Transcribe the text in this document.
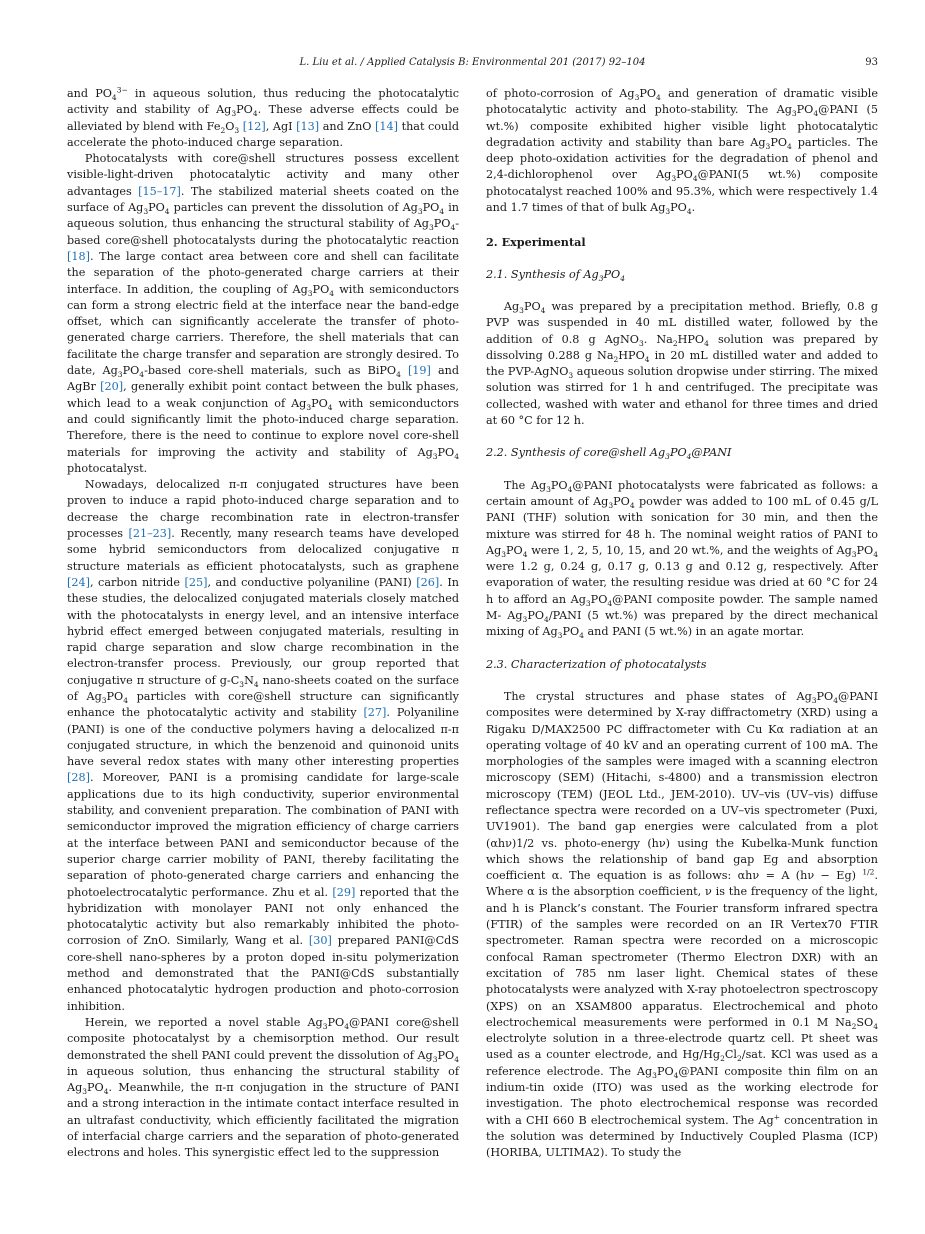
L. Liu et al. / Applied Catalysis B: Environmental 201 (2017) 92–104	93

and $PO_4^{3-}$ in aqueous solution, thus reducing the photocatalytic activity and stability of $Ag_3PO_4$. These adverse effects could be alleviated by blend with $Fe_2O_3$ [12], AgI [13] and ZnO [14] that could accelerate the photo-induced charge separation.

Photocatalysts with core@shell structures possess excellent visible-light-driven photocatalytic activity and many other advantages [15–17]. The stabilized material sheets coated on the surface of $Ag_3PO_4$ particles can prevent the dissolution of $Ag_3PO_4$ in aqueous solution, thus enhancing the structural stability of $Ag_3PO_4$-based core@shell photocatalysts during the photocatalytic reaction [18]. The large contact area between core and shell can facilitate the separation of the photo-generated charge carriers at their interface. In addition, the coupling of $Ag_3PO_4$ with semiconductors can form a strong electric field at the interface near the band-edge offset, which can significantly accelerate the transfer of photo-generated charge carriers. Therefore, the shell materials that can facilitate the charge transfer and separation are strongly desired. To date, $Ag_3PO_4$-based core-shell materials, such as BiPO$_4$ [19] and AgBr [20], generally exhibit point contact between the bulk phases, which lead to a weak conjunction of $Ag_3PO_4$ with semiconductors and could significantly limit the photo-induced charge separation. Therefore, there is the need to continue to explore novel core-shell materials for improving the activity and stability of $Ag_3PO_4$ photocatalyst.

Nowadays, delocalized π-π conjugated structures have been proven to induce a rapid photo-induced charge separation and to decrease the charge recombination rate in electron-transfer processes [21–23]. Recently, many research teams have developed some hybrid semiconductors from delocalized conjugative π structure materials as efficient photocatalysts, such as graphene [24], carbon nitride [25], and conductive polyaniline (PANI) [26]. In these studies, the delocalized conjugated materials closely matched with the photocatalysts in energy level, and an intensive interface hybrid effect emerged between conjugated materials, resulting in rapid charge separation and slow charge recombination in the electron-transfer process. Previously, our group reported that conjugative π structure of $g-C_3N_4$ nano-sheets coated on the surface of $Ag_3PO_4$ particles with core@shell structure can significantly enhance the photocatalytic activity and stability [27]. Polyaniline (PANI) is one of the conductive polymers having a delocalized π-π conjugated structure, in which the benzenoid and quinonoid units have several redox states with many other interesting properties [28]. Moreover, PANI is a promising candidate for large-scale applications due to its high conductivity, superior environmental stability, and convenient preparation. The combination of PANI with semiconductor improved the migration efficiency of charge carriers at the interface between PANI and semiconductor because of the superior charge carrier mobility of PANI, thereby facilitating the separation of photo-generated charge carriers and enhancing the photoelectrocatalytic performance. Zhu et al. [29] reported that the hybridization with monolayer PANI not only enhanced the photocatalytic activity but also remarkably inhibited the photo-corrosion of ZnO. Similarly, Wang et al. [30] prepared PANI@CdS core-shell nano-spheres by a proton doped in-situ polymerization method and demonstrated that the PANI@CdS substantially enhanced photocatalytic hydrogen production and photo-corrosion inhibition.

Herein, we reported a novel stable $Ag_3PO_4@PANI$ core@shell composite photocatalyst by a chemisorption method. Our result demonstrated the shell PANI could prevent the dissolution of $Ag_3PO_4$ in aqueous solution, thus enhancing the structural stability of $Ag_3PO_4$. Meanwhile, the π-π conjugation in the structure of PANI and a strong interaction in the intimate contact interface resulted in an ultrafast conductivity, which efficiently facilitated the migration of interfacial charge carriers and the separation of photo-generated electrons and holes. This synergistic effect led to the suppression

of photo-corrosion of $Ag_3PO_4$ and generation of dramatic visible photocatalytic activity and photo-stability. The $Ag_3PO_4@PANI$ (5 wt.%) composite exhibited higher visible light photocatalytic degradation activity and stability than bare $Ag_3PO_4$ particles. The deep photo-oxidation activities for the degradation of phenol and 2,4-dichlorophenol over $Ag_3PO_4@PANI(5$ wt.%) composite photocatalyst reached 100% and 95.3%, which were respectively 1.4 and 1.7 times of that of bulk $Ag_3PO_4$.

2. Experimental
2.1. Synthesis of $Ag_3PO_4$

$Ag_3PO_4$ was prepared by a precipitation method. Briefly, 0.8 g PVP was suspended in 40 mL distilled water, followed by the addition of 0.8 g AgNO$_3$. $Na_2HPO_4$ solution was prepared by dissolving 0.288 g $Na_2HPO_4$ in 20 mL distilled water and added to the PVP-AgNO$_3$ aqueous solution dropwise under stirring. The mixed solution was stirred for 1 h and centrifuged. The precipitate was collected, washed with water and ethanol for three times and dried at 60 °C for 12 h.

2.2. Synthesis of core@shell $Ag_3PO_4@PANI$

The $Ag_3PO_4@PANI$ photocatalysts were fabricated as follows: a certain amount of $Ag_3PO_4$ powder was added to 100 mL of 0.45 g/L PANI (THF) solution with sonication for 30 min, and then the mixture was stirred for 48 h. The nominal weight ratios of PANI to $Ag_3PO_4$ were 1, 2, 5, 10, 15, and 20 wt.%, and the weights of $Ag_3PO_4$ were 1.2 g, 0.24 g, 0.17 g, 0.13 g and 0.12 g, respectively. After evaporation of water, the resulting residue was dried at 60 °C for 24 h to afford an $Ag_3PO_4@PANI$ composite powder. The sample named M- $Ag_3PO_4$/PANI (5 wt.%) was prepared by the direct mechanical mixing of $Ag_3PO_4$ and PANI (5 wt.%) in an agate mortar.

2.3. Characterization of photocatalysts

The crystal structures and phase states of $Ag_3PO_4@PANI$ composites were determined by X-ray diffractometry (XRD) using a Rigaku D/MAX2500 PC diffractometer with Cu Kα radiation at an operating voltage of 40 kV and an operating current of 100 mA. The morphologies of the samples were imaged with a scanning electron microscopy (SEM) (Hitachi, s-4800) and a transmission electron microscopy (TEM) (JEOL Ltd., JEM-2010). UV–vis (UV–vis) diffuse reflectance spectra were recorded on a UV–vis spectrometer (Puxi, UV1901). The band gap energies were calculated from a plot (αhν)1/2 vs. photo-energy (hν) using the Kubelka-Munk function which shows the relationship of band gap Eg and absorption coefficient α. The equation is as follows: αhν = A (hν − Eg) $^{1/2}$. Where α is the absorption coefficient, ν is the frequency of the light, and h is Planck’s constant. The Fourier transform infrared spectra (FTIR) of the samples were recorded on an IR Vertex70 FTIR spectrometer. Raman spectra were recorded on a microscopic confocal Raman spectrometer (Thermo Electron DXR) with an excitation of 785 nm laser light. Chemical states of these photocatalysts were analyzed with X-ray photoelectron spectroscopy (XPS) on an XSAM800 apparatus. Electrochemical and photo electrochemical measurements were performed in 0.1 M $Na_2SO_4$ electrolyte solution in a three-electrode quartz cell. Pt sheet was used as a counter electrode, and $Hg/Hg_2Cl_2$/sat. KCl was used as a reference electrode. The $Ag_3PO_4@PANI$ composite thin film on an indium-tin oxide (ITO) was used as the working electrode for investigation. The photo electrochemical response was recorded with a CHI 660 B electrochemical system. The Ag+ concentration in the solution was determined by Inductively Coupled Plasma (ICP) (HORIBA, ULTIMA2). To study the
